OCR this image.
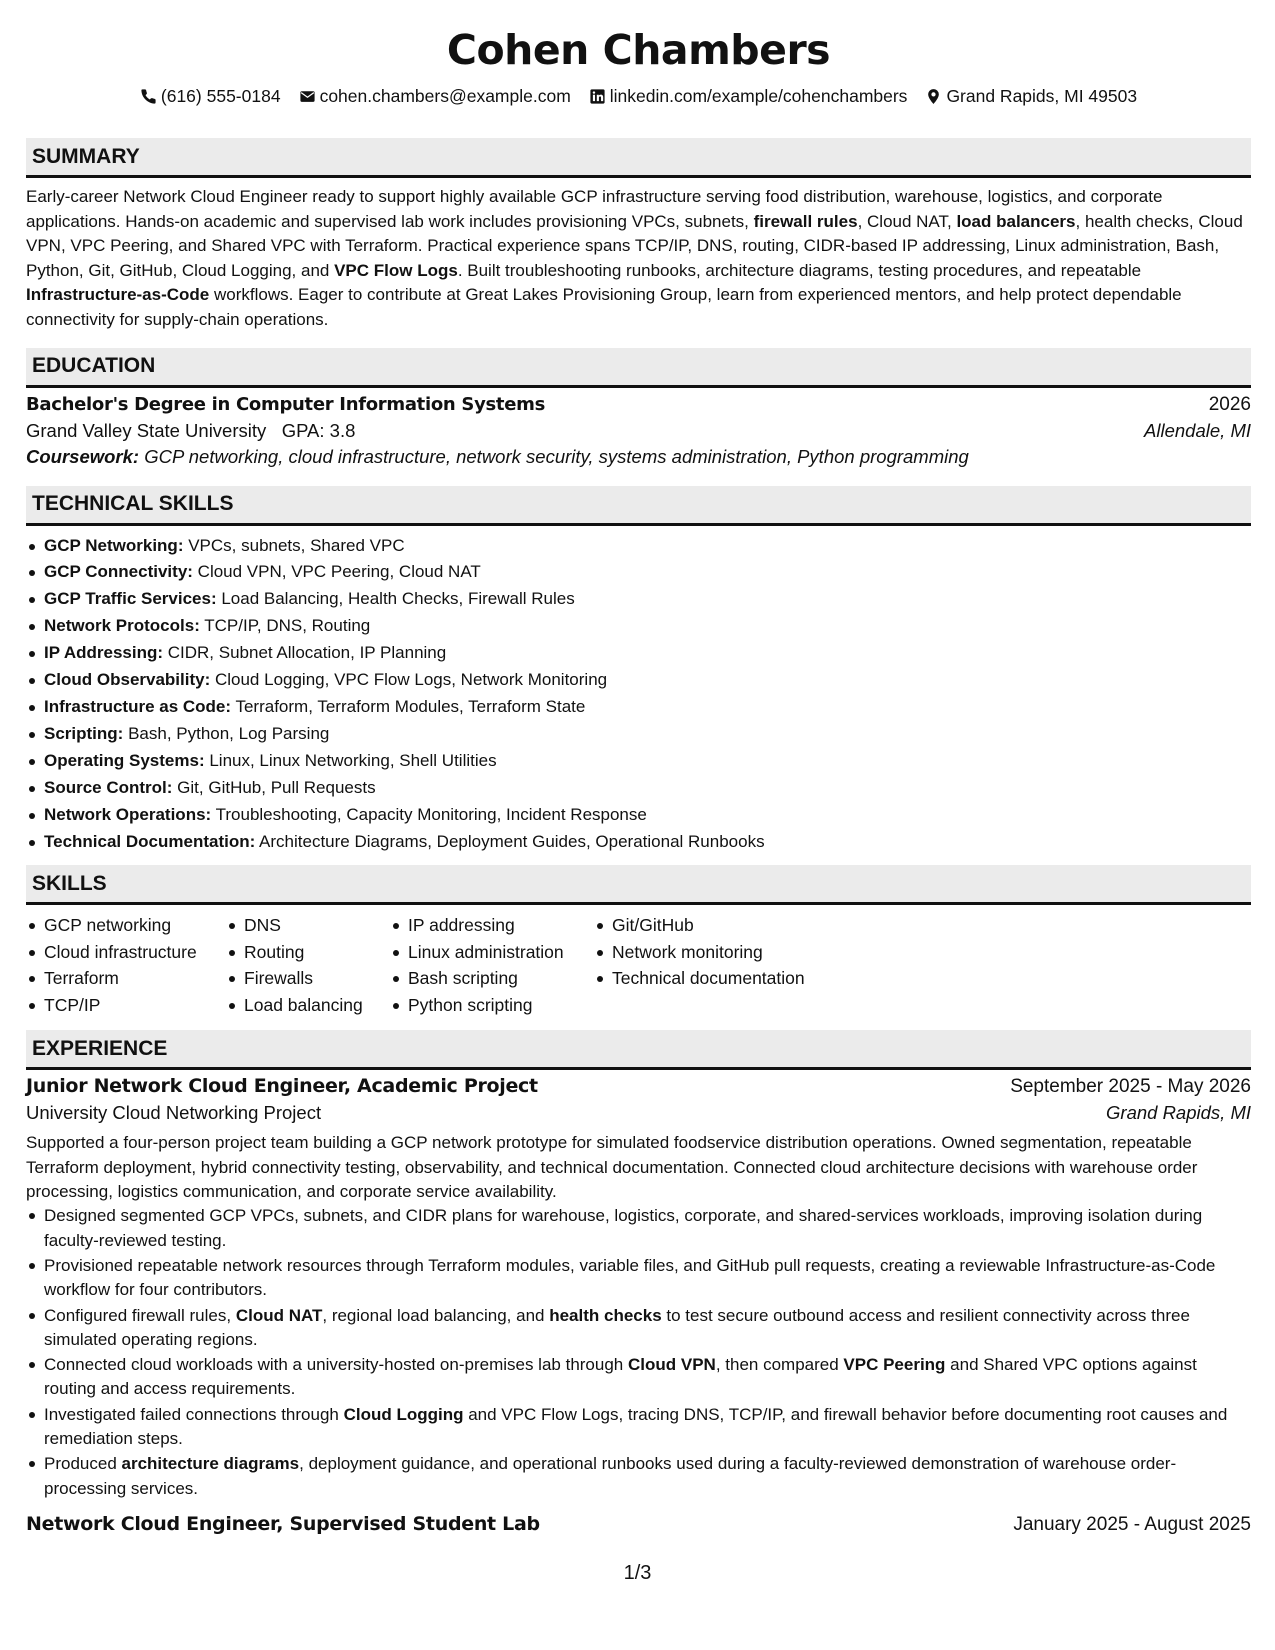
Cohen Chambers
(616) 555-0184 cohen.chambers@example.com linkedin.com/example/cohenchambers Grand Rapids, MI 49503
SUMMARY
Early-career Network Cloud Engineer ready to support highly available GCP infrastructure serving food distribution, warehouse, logistics, and corporate applications. Hands-on academic and supervised lab work includes provisioning VPCs, subnets, firewall rules, Cloud NAT, load balancers, health checks, Cloud VPN, VPC Peering, and Shared VPC with Terraform. Practical experience spans TCP/IP, DNS, routing, CIDR-based IP addressing, Linux administration, Bash, Python, Git, GitHub, Cloud Logging, and VPC Flow Logs. Built troubleshooting runbooks, architecture diagrams, testing procedures, and repeatable Infrastructure-as-Code workflows. Eager to contribute at Great Lakes Provisioning Group, learn from experienced mentors, and help protect dependable connectivity for supply-chain operations.
EDUCATION
Bachelor's Degree in Computer Information Systems	2026
Grand Valley State University GPA: 3.8	Allendale, MI
Coursework: GCP networking, cloud infrastructure, network security, systems administration, Python programming
TECHNICAL SKILLS
GCP Networking: VPCs, subnets, Shared VPC
GCP Connectivity: Cloud VPN, VPC Peering, Cloud NAT
GCP Traffic Services: Load Balancing, Health Checks, Firewall Rules
Network Protocols: TCP/IP, DNS, Routing
IP Addressing: CIDR, Subnet Allocation, IP Planning
Cloud Observability: Cloud Logging, VPC Flow Logs, Network Monitoring
Infrastructure as Code: Terraform, Terraform Modules, Terraform State
Scripting: Bash, Python, Log Parsing
Operating Systems: Linux, Linux Networking, Shell Utilities
Source Control: Git, GitHub, Pull Requests
Network Operations: Troubleshooting, Capacity Monitoring, Incident Response
Technical Documentation: Architecture Diagrams, Deployment Guides, Operational Runbooks
SKILLS
GCP networking
Cloud infrastructure
Terraform
TCP/IP
DNS
Routing
Firewalls
Load balancing
IP addressing
Linux administration
Bash scripting
Python scripting
Git/GitHub
Network monitoring
Technical documentation
EXPERIENCE
Junior Network Cloud Engineer, Academic Project	September 2025 - May 2026
University Cloud Networking Project	Grand Rapids, MI
Supported a four-person project team building a GCP network prototype for simulated foodservice distribution operations. Owned segmentation, repeatable Terraform deployment, hybrid connectivity testing, observability, and technical documentation. Connected cloud architecture decisions with warehouse order processing, logistics communication, and corporate service availability.
Designed segmented GCP VPCs, subnets, and CIDR plans for warehouse, logistics, corporate, and shared-services workloads, improving isolation during faculty-reviewed testing.
Provisioned repeatable network resources through Terraform modules, variable files, and GitHub pull requests, creating a reviewable Infrastructure-as-Code workflow for four contributors.
Configured firewall rules, Cloud NAT, regional load balancing, and health checks to test secure outbound access and resilient connectivity across three simulated operating regions.
Connected cloud workloads with a university-hosted on-premises lab through Cloud VPN, then compared VPC Peering and Shared VPC options against routing and access requirements.
Investigated failed connections through Cloud Logging and VPC Flow Logs, tracing DNS, TCP/IP, and firewall behavior before documenting root causes and remediation steps.
Produced architecture diagrams, deployment guidance, and operational runbooks used during a faculty-reviewed demonstration of warehouse order-processing services.
Network Cloud Engineer, Supervised Student Lab	January 2025 - August 2025
1/3
